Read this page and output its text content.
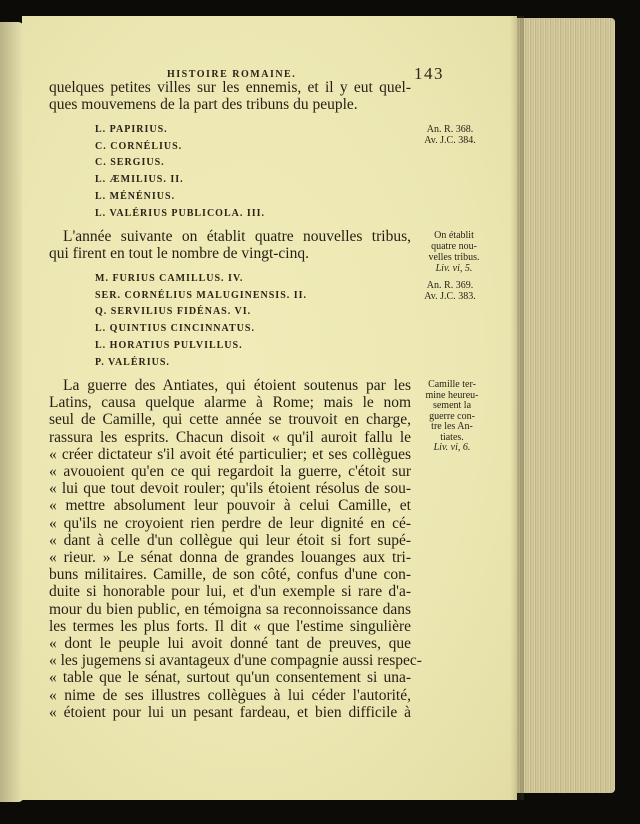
HISTOIRE ROMAINE.	143
quelques petites villes sur les ennemis, et il y eut quel-
ques mouvemens de la part des tribuns du peuple.
L. PAPIRIUS.
C. CORNÉLIUS.
C. SERGIUS.
L. ÆMILIUS. II.
L. MÉNÉNIUS.
L. VALÉRIUS PUBLICOLA. III.
L'année suivante on établit quatre nouvelles tribus,
qui firent en tout le nombre de vingt-cinq.
M. FURIUS CAMILLUS. IV.
SER. CORNÉLIUS MALUGINENSIS. II.
Q. SERVILIUS FIDÉNAS. VI.
L. QUINTIUS CINCINNATUS.
L. HORATIUS PULVILLUS.
P. VALÉRIUS.
La guerre des Antiates, qui étoient soutenus par les
Latins, causa quelque alarme à Rome; mais le nom
seul de Camille, qui cette année se trouvoit en charge,
rassura les esprits. Chacun disoit « qu'il auroit fallu le
« créer dictateur s'il avoit été particulier; et ses collègues
« avouoient qu'en ce qui regardoit la guerre, c'étoit sur
« lui que tout devoit rouler; qu'ils étoient résolus de sou-
« mettre absolument leur pouvoir à celui Camille, et
« qu'ils ne croyoient rien perdre de leur dignité en cé-
« dant à celle d'un collègue qui leur étoit si fort supé-
« rieur. » Le sénat donna de grandes louanges aux tri-
buns militaires. Camille, de son côté, confus d'une con-
duite si honorable pour lui, et d'un exemple si rare d'a-
mour du bien public, en témoigna sa reconnoissance dans
les termes les plus forts. Il dit « que l'estime singulière
« dont le peuple lui avoit donné tant de preuves, que
« les jugemens si avantageux d'une compagnie aussi respec-
« table que le sénat, surtout qu'un consentement si una-
« nime de ses illustres collègues à lui céder l'autorité,
« étoient pour lui un pesant fardeau, et bien difficile à
An. R. 368.
Av. J.C. 384.
On établit
quatre nou-
velles tribus.
Liv. vi, 5.
An. R. 369.
Av. J.C. 383.
Camille ter-
mine heureu-
sement la
guerre con-
tre les An-
tiates.
Liv. vi, 6.
